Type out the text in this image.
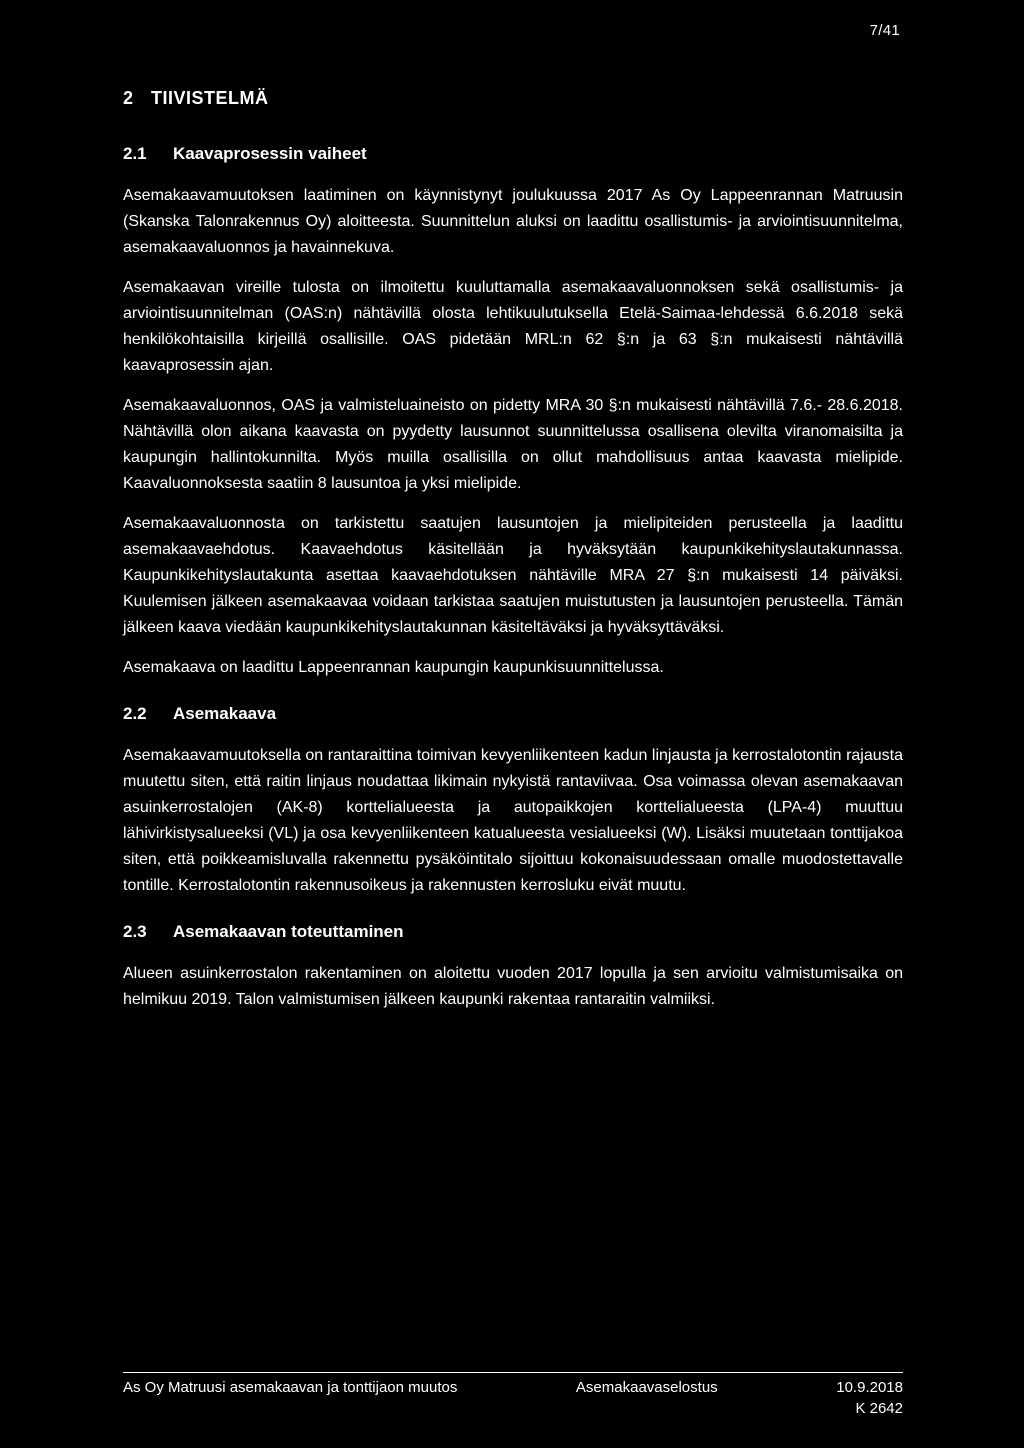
7/41
2 TIIVISTELMÄ
2.1	Kaavaprosessin vaiheet

Asemakaavamuutoksen laatiminen on käynnistynyt joulukuussa 2017 As Oy Lappeenrannan Matruusin (Skanska Talonrakennus Oy) aloitteesta. Suunnittelun aluksi on laadittu osallistumis- ja arviointisuunnitelma, asemakaavaluonnos ja havainnekuva.

Asemakaavan vireille tulosta on ilmoitettu kuuluttamalla asemakaavaluonnoksen sekä osallistumis- ja arviointisuunnitelman (OAS:n) nähtävillä olosta lehtikuulutuksella Etelä-Saimaa-lehdessä 6.6.2018 sekä henkilökohtaisilla kirjeillä osallisille. OAS pidetään MRL:n 62 §:n ja 63 §:n mukaisesti nähtävillä kaavaprosessin ajan.

Asemakaavaluonnos, OAS ja valmisteluaineisto on pidetty MRA 30 §:n mukaisesti nähtävillä 7.6.- 28.6.2018. Nähtävillä olon aikana kaavasta on pyydetty lausunnot suunnittelussa osallisena olevilta viranomaisilta ja kaupungin hallintokunnilta. Myös muilla osallisilla on ollut mahdollisuus antaa kaavasta mielipide. Kaavaluonnoksesta saatiin 8 lausuntoa ja yksi mielipide.

Asemakaavaluonnosta on tarkistettu saatujen lausuntojen ja mielipiteiden perusteella ja laadittu asemakaavaehdotus. Kaavaehdotus käsitellään ja hyväksytään kaupunkikehityslautakunnassa. Kaupunkikehityslautakunta asettaa kaavaehdotuksen nähtäville MRA 27 §:n mukaisesti 14 päiväksi. Kuulemisen jälkeen asemakaavaa voidaan tarkistaa saatujen muistutusten ja lausuntojen perusteella. Tämän jälkeen kaava viedään kaupunkikehityslautakunnan käsiteltäväksi ja hyväksyttäväksi.

Asemakaava on laadittu Lappeenrannan kaupungin kaupunkisuunnittelussa.

2.2	Asemakaava

Asemakaavamuutoksella on rantaraittina toimivan kevyenliikenteen kadun linjausta ja kerrostalotontin rajausta muutettu siten, että raitin linjaus noudattaa likimain nykyistä rantaviivaa. Osa voimassa olevan asemakaavan asuinkerrostalojen (AK-8) korttelialueesta ja autopaikkojen korttelialueesta (LPA-4) muuttuu lähivirkistysalueeksi (VL) ja osa kevyenliikenteen katualueesta vesialueeksi (W). Lisäksi muutetaan tonttijakoa siten, että poikkeamisluvalla rakennettu pysäköintitalo sijoittuu kokonaisuudessaan omalle muodostettavalle tontille. Kerrostalotontin rakennusoikeus ja rakennusten kerrosluku eivät muutu.

2.3	Asemakaavan toteuttaminen

Alueen asuinkerrostalon rakentaminen on aloitettu vuoden 2017 lopulla ja sen arvioitu valmistumisaika on helmikuu 2019. Talon valmistumisen jälkeen kaupunki rakentaa rantaraitin valmiiksi.

As Oy Matruusi asemakaavan ja tonttijaon muutos	Asemakaavaselostus	10.9.2018
K 2642
